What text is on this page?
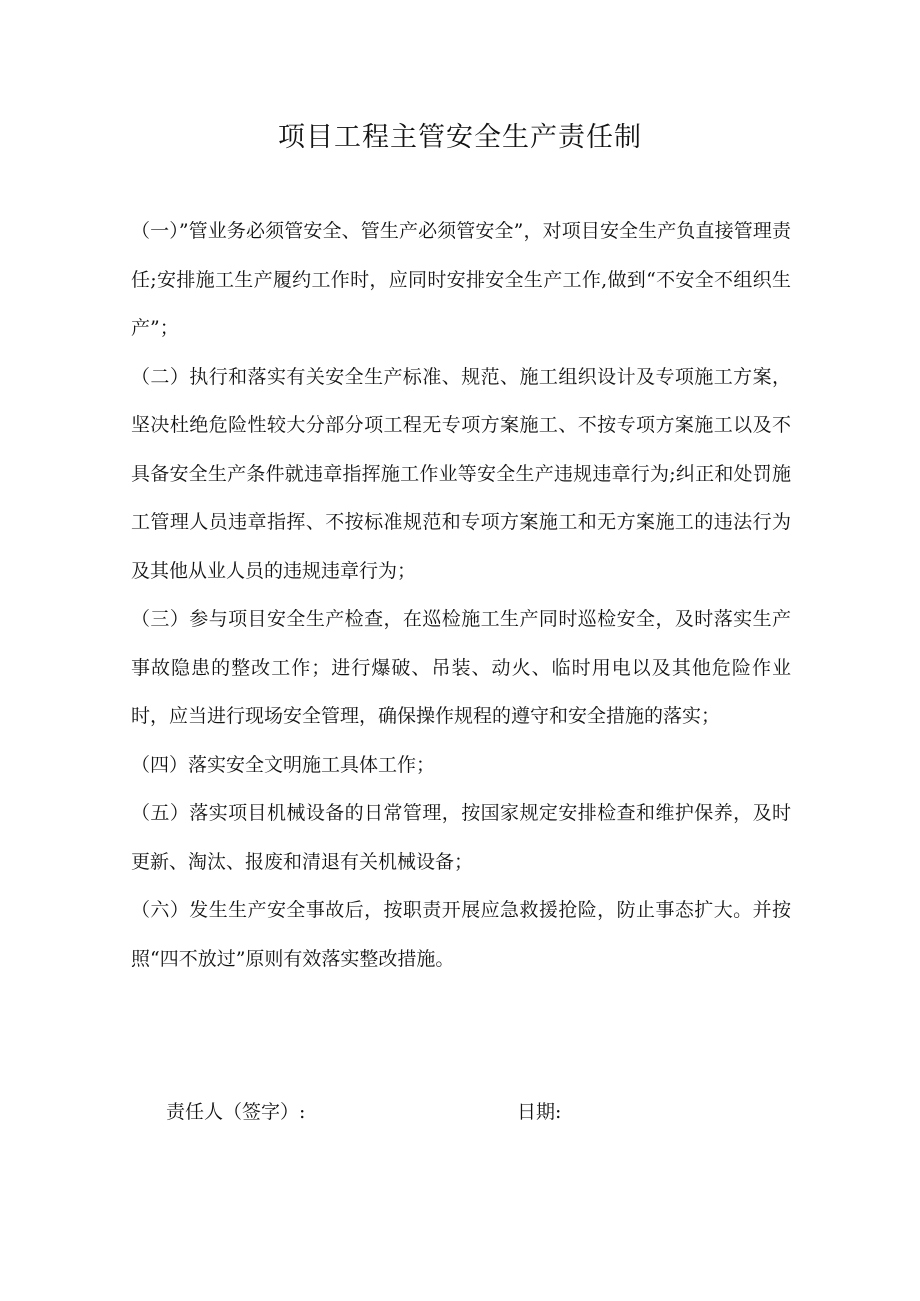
项目工程主管安全生产责任制

（一）”管业务必须管安全、管生产必须管安全”，对项目安全生产负直接管理责任;安排施工生产履约工作时，应同时安排安全生产工作,做到“不安全不组织生产”；

（二）执行和落实有关安全生产标准、规范、施工组织设计及专项施工方案，坚决杜绝危险性较大分部分项工程无专项方案施工、不按专项方案施工以及不具备安全生产条件就违章指挥施工作业等安全生产违规违章行为;纠正和处罚施工管理人员违章指挥、不按标准规范和专项方案施工和无方案施工的违法行为及其他从业人员的违规违章行为；

（三）参与项目安全生产检查，在巡检施工生产同时巡检安全，及时落实生产事故隐患的整改工作；进行爆破、吊装、动火、临时用电以及其他危险作业时，应当进行现场安全管理，确保操作规程的遵守和安全措施的落实；

（四）落实安全文明施工具体工作；

（五）落实项目机械设备的日常管理，按国家规定安排检查和维护保养，及时更新、淘汰、报废和清退有关机械设备；

（六）发生生产安全事故后，按职责开展应急救援抢险，防止事态扩大。并按照“四不放过”原则有效落实整改措施。

责任人（签字）:	日期:
